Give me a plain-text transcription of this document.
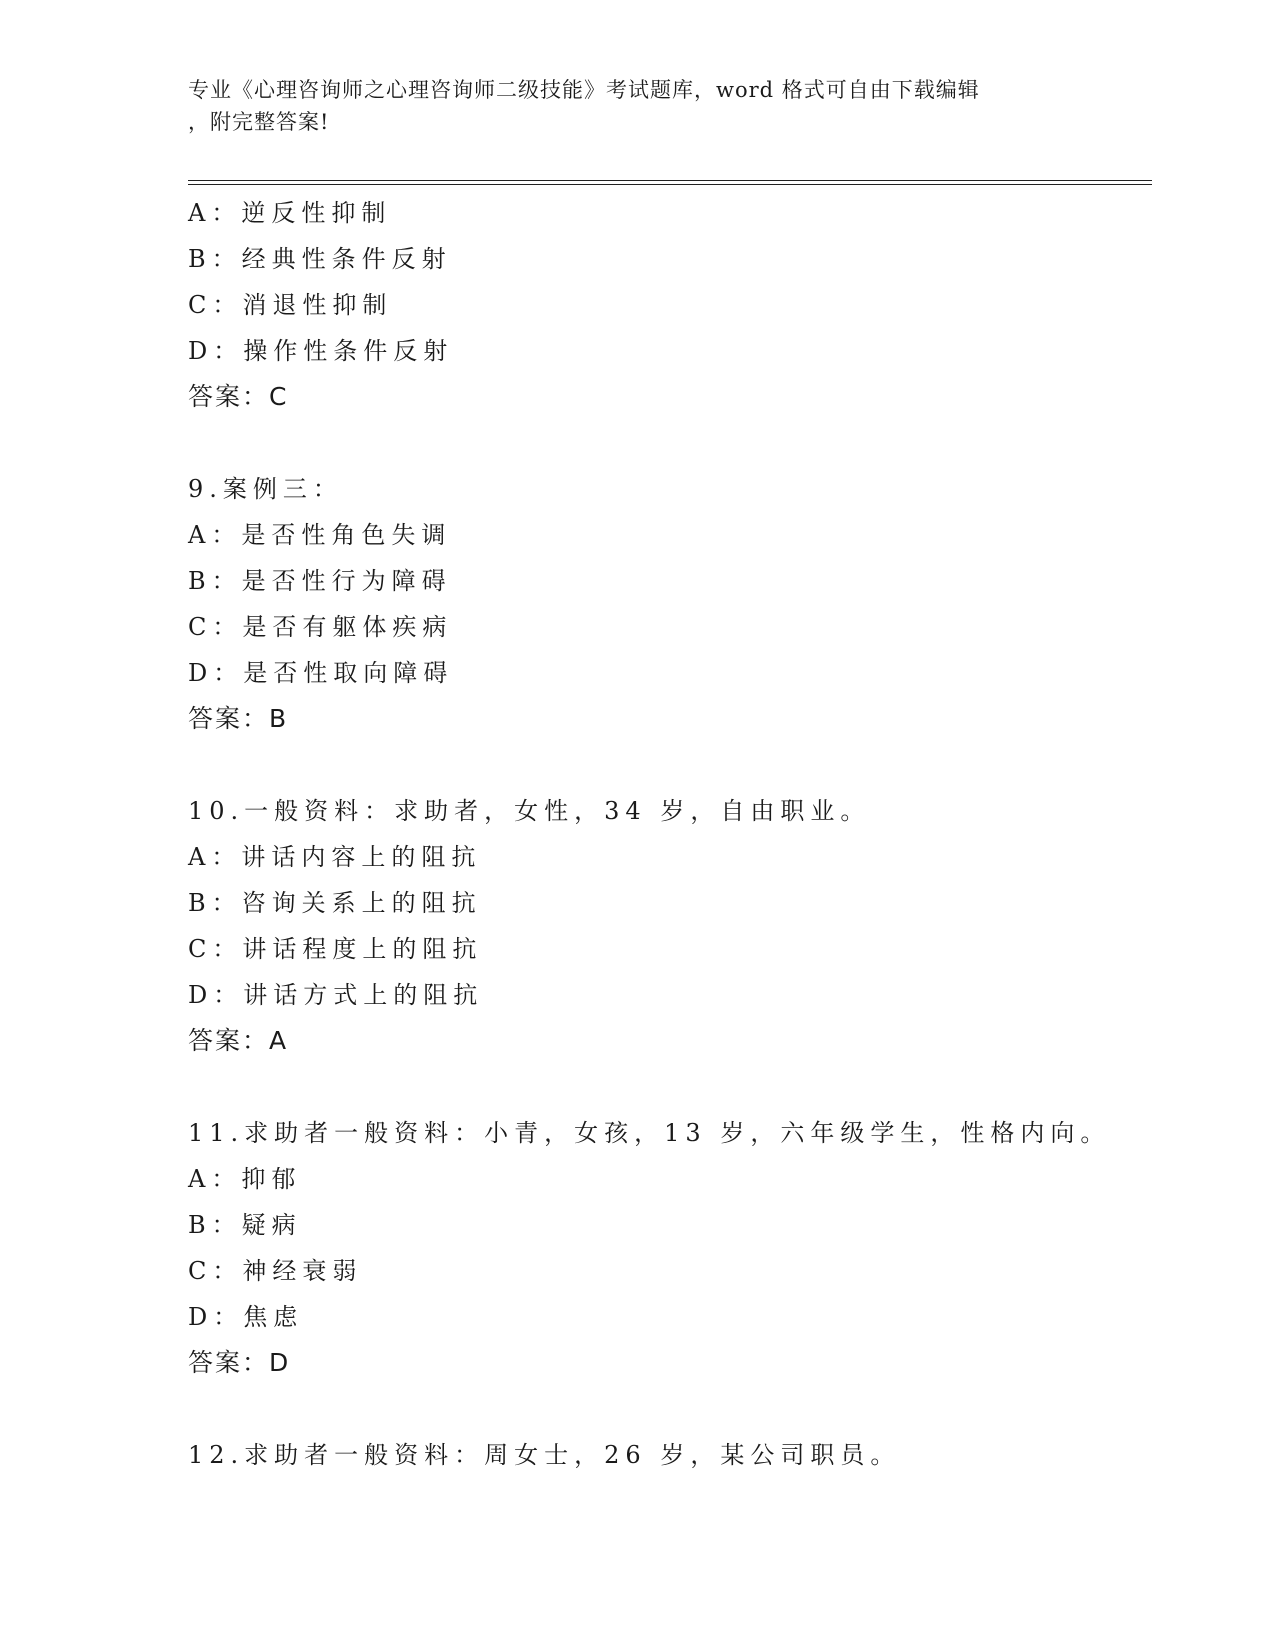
专业《心理咨询师之心理咨询师二级技能》考试题库，word 格式可自由下载编辑
，附完整答案!
A：逆反性抑制
B：经典性条件反射
C：消退性抑制
D：操作性条件反射
答案：C
9.案例三：
A：是否性角色失调
B：是否性行为障碍
C：是否有躯体疾病
D：是否性取向障碍
答案：B
10.一般资料：求助者，女性，34 岁，自由职业。
A：讲话内容上的阻抗
B：咨询关系上的阻抗
C：讲话程度上的阻抗
D：讲话方式上的阻抗
答案：A
11.求助者一般资料：小青，女孩，13 岁，六年级学生，性格内向。
A：抑郁
B：疑病
C：神经衰弱
D：焦虑
答案：D
12.求助者一般资料：周女士，26 岁，某公司职员。
